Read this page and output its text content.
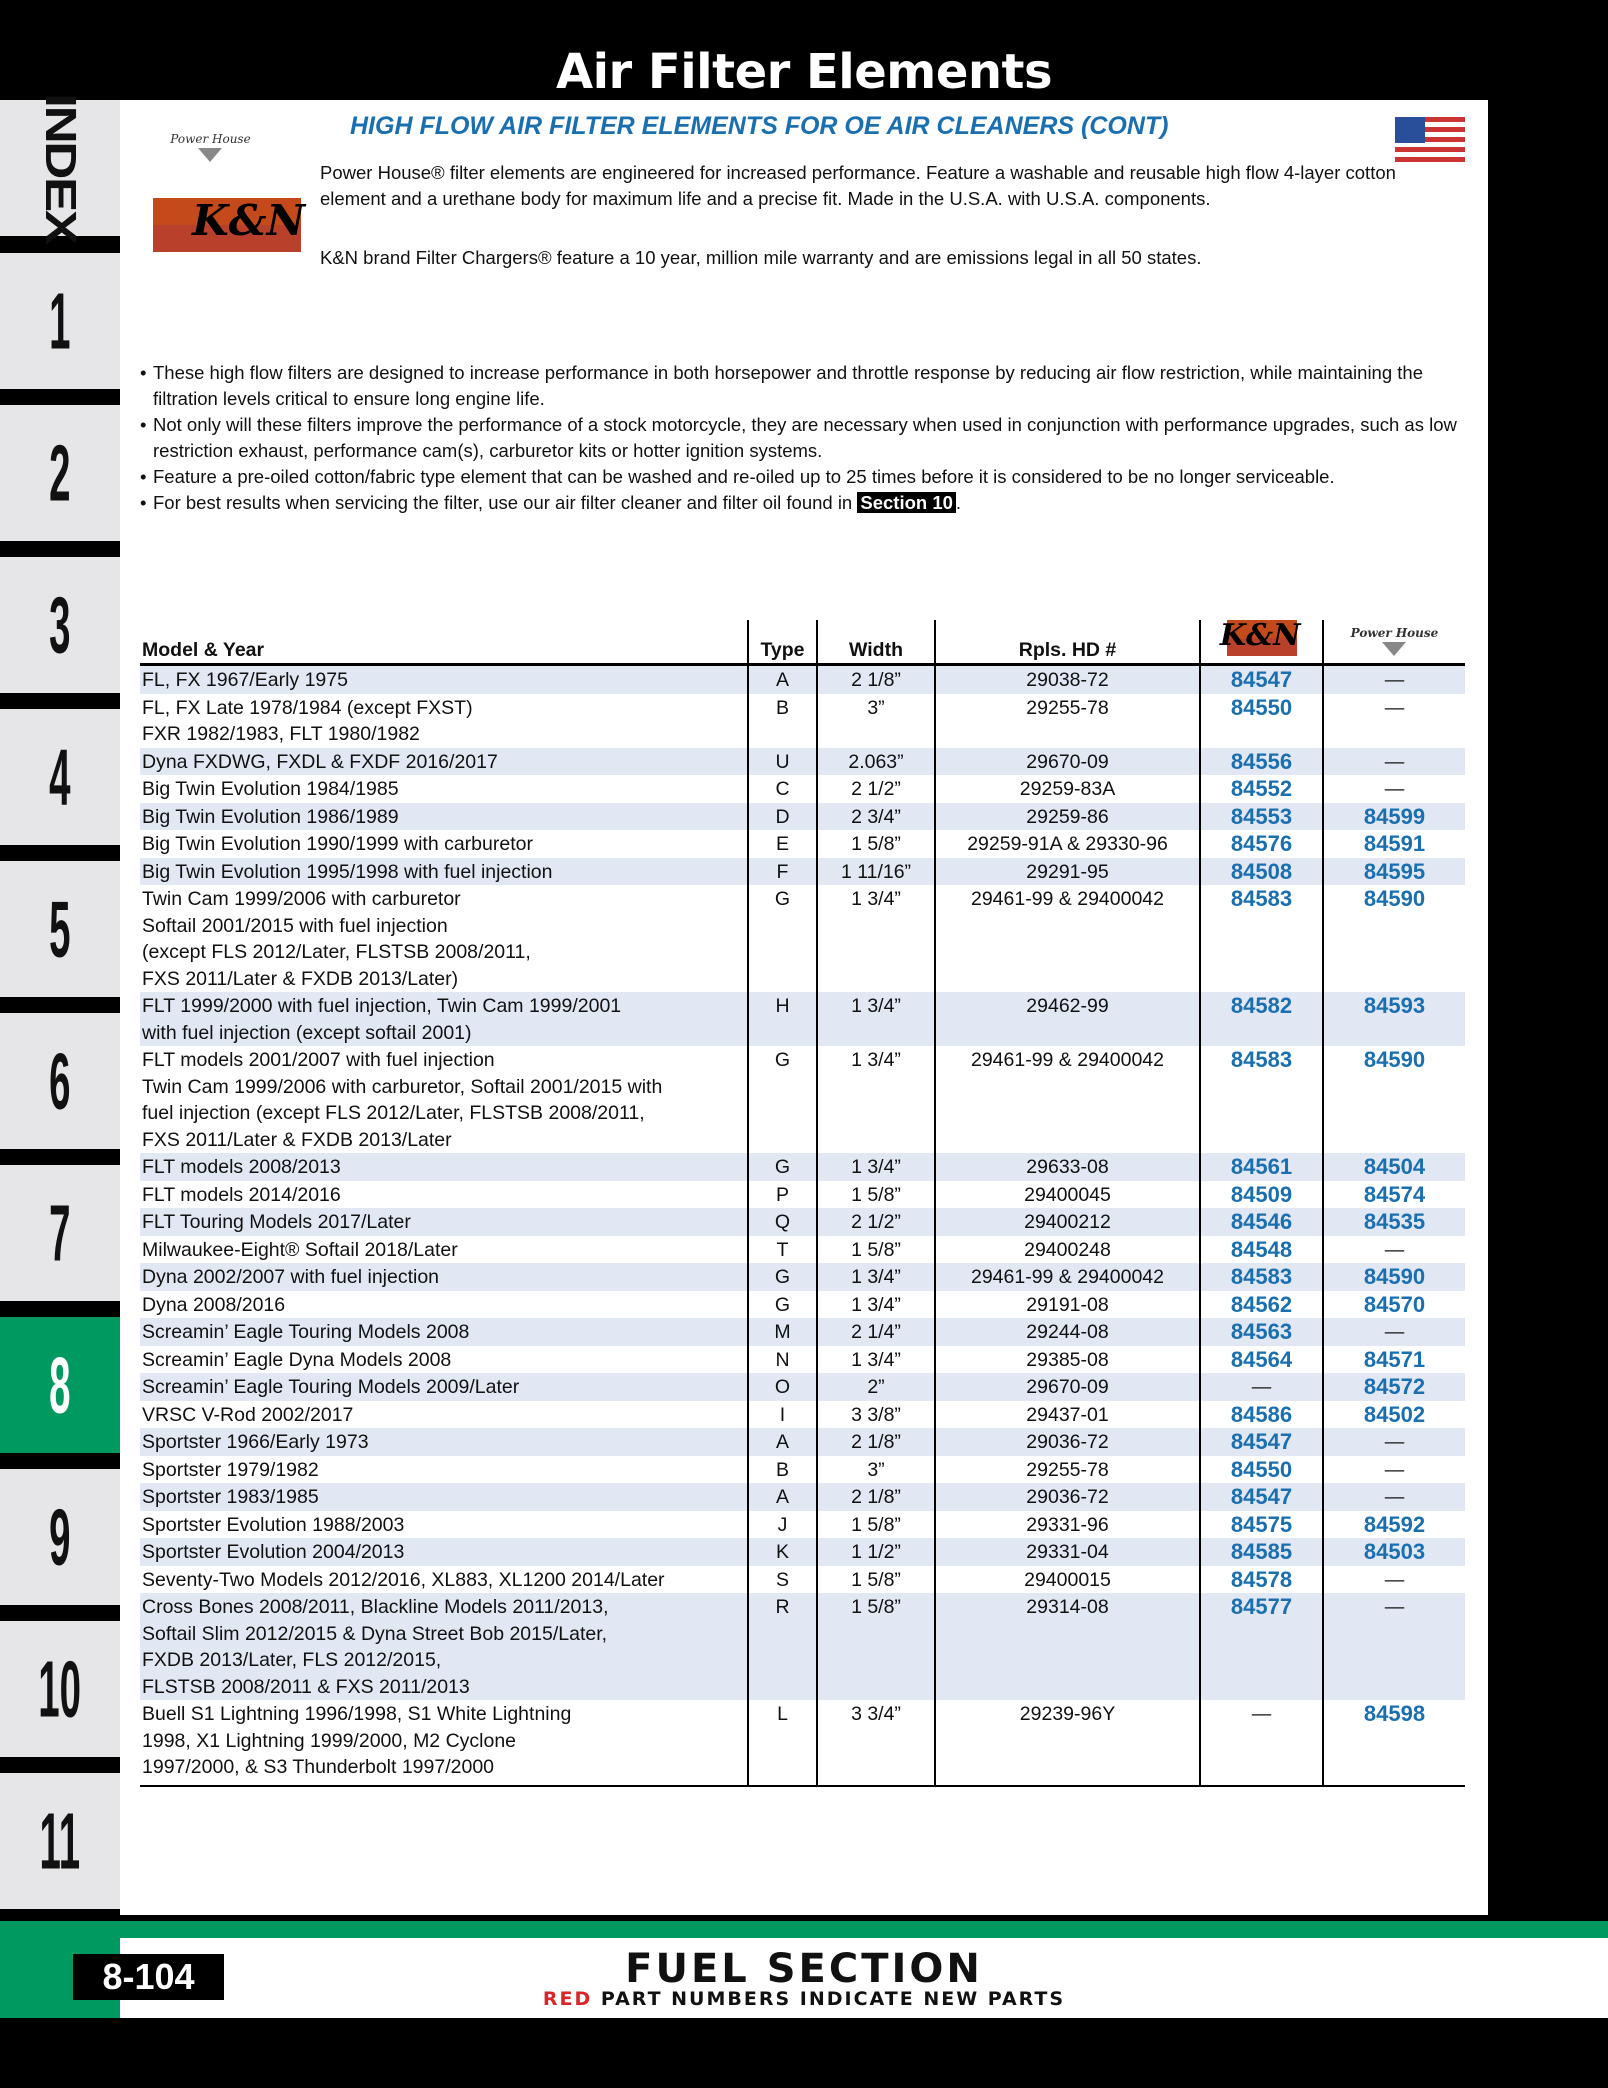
Air Filter Elements
INDEX
1
2
3
4
5
6
7
8
9
10
11
HIGH FLOW AIR FILTER ELEMENTS FOR OE AIR CLEANERS (CONT)
Power House
K&N
Power House® filter elements are engineered for increased performance. Feature a washable and reusable high flow 4-layer cotton element and a urethane body for maximum life and a precise fit. Made in the U.S.A. with U.S.A. components.
K&N brand Filter Chargers® feature a 10 year, million mile warranty and are emissions legal in all 50 states.
• These high flow filters are designed to increase performance in both horsepower and throttle response by reducing air flow restriction, while maintaining the filtration levels critical to ensure long engine life.
• Not only will these filters improve the performance of a stock motorcycle, they are necessary when used in conjunction with performance upgrades, such as low restriction exhaust, performance cam(s), carburetor kits or hotter ignition systems.
• Feature a pre-oiled cotton/fabric type element that can be washed and re-oiled up to 25 times before it is considered to be no longer serviceable.
• For best results when servicing the filter, use our air filter cleaner and filter oil found in Section 10 .
Model & Year	Type	Width	Rpls. HD #	K&N	Power House
FL, FX 1967/Early 1975	A	2 1/8”	29038-72	84547	—
FL, FX Late 1978/1984 (except FXST)
FXR 1982/1983, FLT 1980/1982	B	3”	29255-78	84550	—
Dyna FXDWG, FXDL & FXDF 2016/2017	U	2.063”	29670-09	84556	—
Big Twin Evolution 1984/1985	C	2 1/2”	29259-83A	84552	—
Big Twin Evolution 1986/1989	D	2 3/4”	29259-86	84553	84599
Big Twin Evolution 1990/1999 with carburetor	E	1 5/8”	29259-91A & 29330-96	84576	84591
Big Twin Evolution 1995/1998 with fuel injection	F	1 11/16”	29291-95	84508	84595
Twin Cam 1999/2006 with carburetor
Softail 2001/2015 with fuel injection
(except FLS 2012/Later, FLSTSB 2008/2011,
FXS 2011/Later & FXDB 2013/Later)	G	1 3/4”	29461-99 & 29400042	84583	84590
FLT 1999/2000 with fuel injection, Twin Cam 1999/2001
with fuel injection (except softail 2001)	H	1 3/4”	29462-99	84582	84593
FLT models 2001/2007 with fuel injection
Twin Cam 1999/2006 with carburetor, Softail 2001/2015 with
fuel injection (except FLS 2012/Later, FLSTSB 2008/2011,
FXS 2011/Later & FXDB 2013/Later	G	1 3/4”	29461-99 & 29400042	84583	84590
FLT models 2008/2013	G	1 3/4”	29633-08	84561	84504
FLT models 2014/2016	P	1 5/8”	29400045	84509	84574
FLT Touring Models 2017/Later	Q	2 1/2”	29400212	84546	84535
Milwaukee-Eight® Softail 2018/Later	T	1 5/8”	29400248	84548	—
Dyna 2002/2007 with fuel injection	G	1 3/4”	29461-99 & 29400042	84583	84590
Dyna 2008/2016	G	1 3/4”	29191-08	84562	84570
Screamin’ Eagle Touring Models 2008	M	2 1/4”	29244-08	84563	—
Screamin’ Eagle Dyna Models 2008	N	1 3/4”	29385-08	84564	84571
Screamin’ Eagle Touring Models 2009/Later	O	2”	29670-09	—	84572
VRSC V-Rod 2002/2017	I	3 3/8”	29437-01	84586	84502
Sportster 1966/Early 1973	A	2 1/8”	29036-72	84547	—
Sportster 1979/1982	B	3”	29255-78	84550	—
Sportster 1983/1985	A	2 1/8”	29036-72	84547	—
Sportster Evolution 1988/2003	J	1 5/8”	29331-96	84575	84592
Sportster Evolution 2004/2013	K	1 1/2”	29331-04	84585	84503
Seventy-Two Models 2012/2016, XL883, XL1200 2014/Later	S	1 5/8”	29400015	84578	—
Cross Bones 2008/2011, Blackline Models 2011/2013,
Softail Slim 2012/2015 & Dyna Street Bob 2015/Later,
FXDB 2013/Later, FLS 2012/2015,
FLSTSB 2008/2011 & FXS 2011/2013	R	1 5/8”	29314-08	84577	—
Buell S1 Lightning 1996/1998, S1 White Lightning
1998, X1 Lightning 1999/2000, M2 Cyclone
1997/2000, & S3 Thunderbolt 1997/2000	L	3 3/4”	29239-96Y	—	84598
8-104	FUEL SECTION
RED PART NUMBERS INDICATE NEW PARTS
